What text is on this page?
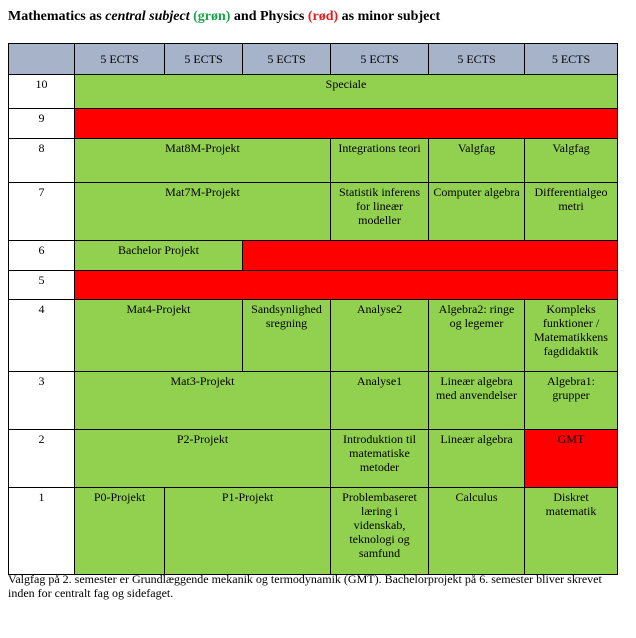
Mathematics as central subject (grøn) and Physics (rød) as minor subject
	5 ECTS	5 ECTS	5 ECTS	5 ECTS	5 ECTS	5 ECTS
10	Speciale					
9						
8	Mat8M-Projekt			Integrations teori	Valgfag	Valgfag
7	Mat7M-Projekt			Statistik inferens for lineær modeller	Computer algebra	Differentialgeo metri
6	Bachelor Projekt					
5						
4	Mat4-Projekt		Sandsynlighed sregning	Analyse2	Algebra2: ringe og legemer	Kompleks funktioner / Matematikkens fagdidaktik
3	Mat3-Projekt			Analyse1	Lineær algebra med anvendelser	Algebra1: grupper
2	P2-Projekt			Introduktion til matematiske metoder	Lineær algebra	GMT
1	P0-Projekt	P1-Projekt		Problembaseret læring i videnskab, teknologi og samfund	Calculus	Diskret matematik
Valgfag på 2. semester er Grundlæggende mekanik og termodynamik (GMT). Bachelorprojekt på 6. semester bliver skrevet inden for centralt fag og sidefaget.
